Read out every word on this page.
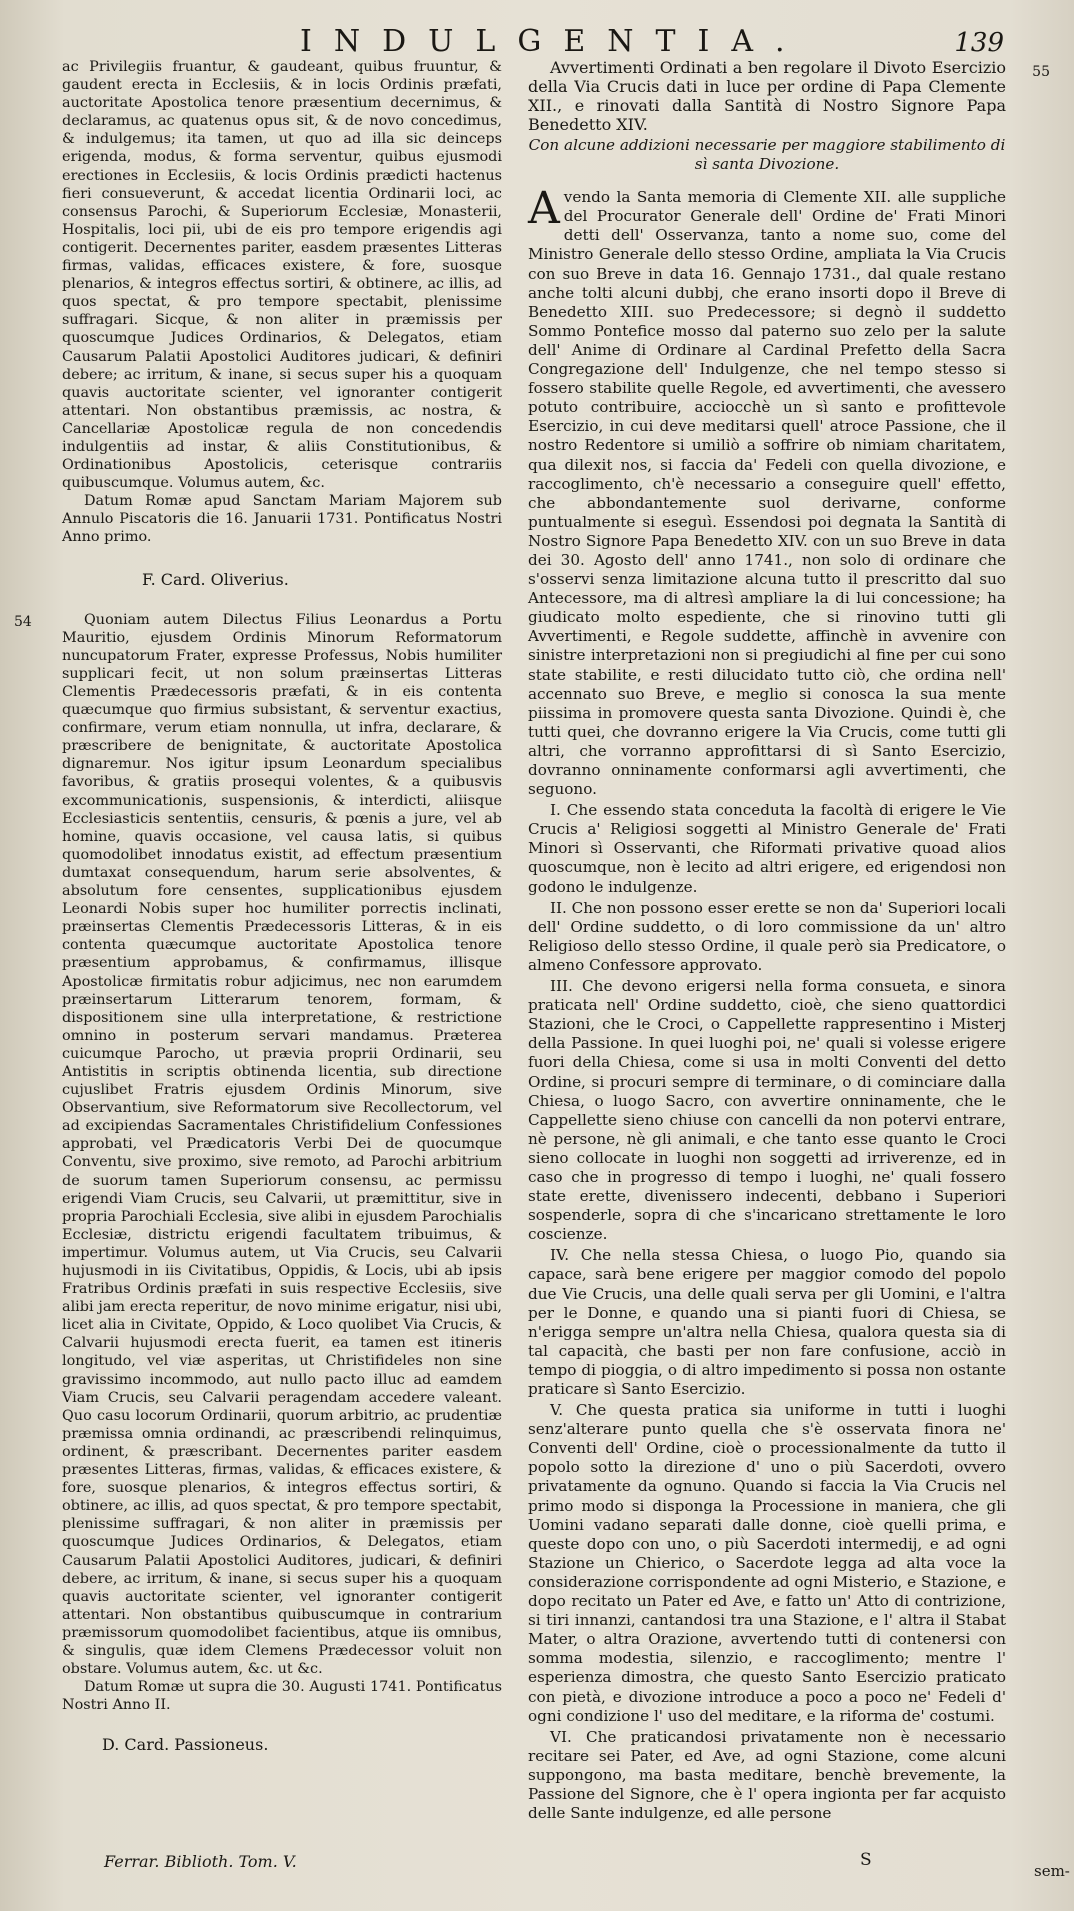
INDULGENTIA.	139
55
54

ac Privilegiis fruantur, & gaudeant, quibus fruuntur, & gaudent erecta in Ecclesiis, & in locis Ordinis præfati, auctoritate Apostolica tenore præsentium decernimus, & declaramus, ac quatenus opus sit, & de novo concedimus, & indulgemus; ita tamen, ut quo ad illa sic deinceps erigenda, modus, & forma serventur, quibus ejusmodi erectiones in Ecclesiis, & locis Ordinis prædicti hactenus fieri consueverunt, & accedat licentia Ordinarii loci, ac consensus Parochi, & Superiorum Ecclesiæ, Monasterii, Hospitalis, loci pii, ubi de eis pro tempore erigendis agi contigerit. Decernentes pariter, easdem præsentes Litteras firmas, validas, efficaces existere, & fore, suosque plenarios, & integros effectus sortiri, & obtinere, ac illis, ad quos spectat, & pro tempore spectabit, plenissime suffragari. Sicque, & non aliter in præmissis per quoscumque Judices Ordinarios, & Delegatos, etiam Causarum Palatii Apostolici Auditores judicari, & definiri debere; ac irritum, & inane, si secus super his a quoquam quavis auctoritate scienter, vel ignoranter contigerit attentari. Non obstantibus præmissis, ac nostra, & Cancellariæ Apostolicæ regula de non concedendis indulgentiis ad instar, & aliis Constitutionibus, & Ordinationibus Apostolicis, ceterisque contrariis quibuscumque. Volumus autem, &c.

Datum Romæ apud Sanctam Mariam Majorem sub Annulo Piscatoris die 16. Januarii 1731. Pontificatus Nostri Anno primo.

F. Card. Oliverius.

Quoniam autem Dilectus Filius Leonardus a Portu Mauritio, ejusdem Ordinis Minorum Reformatorum nuncupatorum Frater, expresse Professus, Nobis humiliter supplicari fecit, ut non solum præinsertas Litteras Clementis Prædecessoris præfati, & in eis contenta quæcumque quo firmius subsistant, & serventur exactius, confirmare, verum etiam nonnulla, ut infra, declarare, & præscribere de benignitate, & auctoritate Apostolica dignaremur. Nos igitur ipsum Leonardum specialibus favoribus, & gratiis prosequi volentes, & a quibusvis excommunicationis, suspensionis, & interdicti, aliisque Ecclesiasticis sententiis, censuris, & pœnis a jure, vel ab homine, quavis occasione, vel causa latis, si quibus quomodolibet innodatus existit, ad effectum præsentium dumtaxat consequendum, harum serie absolventes, & absolutum fore censentes, supplicationibus ejusdem Leonardi Nobis super hoc humiliter porrectis inclinati, præinsertas Clementis Prædecessoris Litteras, & in eis contenta quæcumque auctoritate Apostolica tenore præsentium approbamus, & confirmamus, illisque Apostolicæ firmitatis robur adjicimus, nec non earumdem præinsertarum Litterarum tenorem, formam, & dispositionem sine ulla interpretatione, & restrictione omnino in posterum servari mandamus. Præterea cuicumque Parocho, ut prævia proprii Ordinarii, seu Antistitis in scriptis obtinenda licentia, sub directione cujuslibet Fratris ejusdem Ordinis Minorum, sive Observantium, sive Reformatorum sive Recollectorum, vel ad excipiendas Sacramentales Christifidelium Confessiones approbati, vel Prædicatoris Verbi Dei de quocumque Conventu, sive proximo, sive remoto, ad Parochi arbitrium de suorum tamen Superiorum consensu, ac permissu erigendi Viam Crucis, seu Calvarii, ut præmittitur, sive in propria Parochiali Ecclesia, sive alibi in ejusdem Parochialis Ecclesiæ, districtu erigendi facultatem tribuimus, & impertimur. Volumus autem, ut Via Crucis, seu Calvarii hujusmodi in iis Civitatibus, Oppidis, & Locis, ubi ab ipsis Fratribus Ordinis præfati in suis respective Ecclesiis, sive alibi jam erecta reperitur, de novo minime erigatur, nisi ubi, licet alia in Civitate, Oppido, & Loco quolibet Via Crucis, & Calvarii hujusmodi erecta fuerit, ea tamen est itineris longitudo, vel viæ asperitas, ut Christifideles non sine gravissimo incommodo, aut nullo pacto illuc ad eamdem Viam Crucis, seu Calvarii peragendam accedere valeant. Quo casu locorum Ordinarii, quorum arbitrio, ac prudentiæ præmissa omnia ordinandi, ac præscribendi relinquimus, ordinent, & præscribant. Decernentes pariter easdem præsentes Litteras, firmas, validas, & efficaces existere, & fore, suosque plenarios, & integros effectus sortiri, & obtinere, ac illis, ad quos spectat, & pro tempore spectabit, plenissime suffragari, & non aliter in præmissis per quoscumque Judices Ordinarios, & Delegatos, etiam Causarum Palatii Apostolici Auditores, judicari, & definiri debere, ac irritum, & inane, si secus super his a quoquam quavis auctoritate scienter, vel ignoranter contigerit attentari. Non obstantibus quibuscumque in contrarium præmissorum quomodolibet facientibus, atque iis omnibus, & singulis, quæ idem Clemens Prædecessor voluit non obstare. Volumus autem, &c. ut &c.

Datum Romæ ut supra die 30. Augusti 1741. Pontificatus Nostri Anno II.

D. Card. Passioneus.

Avvertimenti Ordinati a ben regolare il Divoto Esercizio della Via Crucis dati in luce per ordine di Papa Clemente XII., e rinovati dalla Santità di Nostro Signore Papa Benedetto XIV.

Con alcune addizioni necessarie per maggiore stabilimento di sì santa Divozione.

Avendo la Santa memoria di Clemente XII. alle suppliche del Procurator Generale dell' Ordine de' Frati Minori detti dell' Osservanza, tanto a nome suo, come del Ministro Generale dello stesso Ordine, ampliata la Via Crucis con suo Breve in data 16. Gennajo 1731., dal quale restano anche tolti alcuni dubbj, che erano insorti dopo il Breve di Benedetto XIII. suo Predecessore; si degnò il suddetto Sommo Pontefice mosso dal paterno suo zelo per la salute dell' Anime di Ordinare al Cardinal Prefetto della Sacra Congregazione dell' Indulgenze, che nel tempo stesso si fossero stabilite quelle Regole, ed avvertimenti, che avessero potuto contribuire, acciocchè un sì santo e profittevole Esercizio, in cui deve meditarsi quell' atroce Passione, che il nostro Redentore si umiliò a soffrire ob nimiam charitatem, qua dilexit nos, si faccia da' Fedeli con quella divozione, e raccoglimento, ch'è necessario a conseguire quell' effetto, che abbondantemente suol derivarne, conforme puntualmente si eseguì. Essendosi poi degnata la Santità di Nostro Signore Papa Benedetto XIV. con un suo Breve in data dei 30. Agosto dell' anno 1741., non solo di ordinare che s'osservi senza limitazione alcuna tutto il prescritto dal suo Antecessore, ma di altresì ampliare la di lui concessione; ha giudicato molto espediente, che si rinovino tutti gli Avvertimenti, e Regole suddette, affinchè in avvenire con sinistre interpretazioni non si pregiudichi al fine per cui sono state stabilite, e resti dilucidato tutto ciò, che ordina nell' accennato suo Breve, e meglio si conosca la sua mente piissima in promovere questa santa Divozione. Quindi è, che tutti quei, che dovranno erigere la Via Crucis, come tutti gli altri, che vorranno approfittarsi di sì Santo Esercizio, dovranno onninamente conformarsi agli avvertimenti, che seguono.

I. Che essendo stata conceduta la facoltà di erigere le Vie Crucis a' Religiosi soggetti al Ministro Generale de' Frati Minori sì Osservanti, che Riformati privative quoad alios quoscumque, non è lecito ad altri erigere, ed erigendosi non godono le indulgenze.

II. Che non possono esser erette se non da' Superiori locali dell' Ordine suddetto, o di loro commissione da un' altro Religioso dello stesso Ordine, il quale però sia Predicatore, o almeno Confessore approvato.

III. Che devono erigersi nella forma consueta, e sinora praticata nell' Ordine suddetto, cioè, che sieno quattordici Stazioni, che le Croci, o Cappellette rappresentino i Misterj della Passione. In quei luoghi poi, ne' quali si volesse erigere fuori della Chiesa, come si usa in molti Conventi del detto Ordine, si procuri sempre di terminare, o di cominciare dalla Chiesa, o luogo Sacro, con avvertire onninamente, che le Cappellette sieno chiuse con cancelli da non potervi entrare, nè persone, nè gli animali, e che tanto esse quanto le Croci sieno collocate in luoghi non soggetti ad irriverenze, ed in caso che in progresso di tempo i luoghi, ne' quali fossero state erette, divenissero indecenti, debbano i Superiori sospenderle, sopra di che s'incaricano strettamente le loro coscienze.

IV. Che nella stessa Chiesa, o luogo Pio, quando sia capace, sarà bene erigere per maggior comodo del popolo due Vie Crucis, una delle quali serva per gli Uomini, e l'altra per le Donne, e quando una si pianti fuori di Chiesa, se n'erigga sempre un'altra nella Chiesa, qualora questa sia di tal capacità, che basti per non fare confusione, acciò in tempo di pioggia, o di altro impedimento si possa non ostante praticare sì Santo Esercizio.

V. Che questa pratica sia uniforme in tutti i luoghi senz'alterare punto quella che s'è osservata finora ne' Conventi dell' Ordine, cioè o processionalmente da tutto il popolo sotto la direzione d' uno o più Sacerdoti, ovvero privatamente da ognuno. Quando si faccia la Via Crucis nel primo modo si disponga la Processione in maniera, che gli Uomini vadano separati dalle donne, cioè quelli prima, e queste dopo con uno, o più Sacerdoti intermedij, e ad ogni Stazione un Chierico, o Sacerdote legga ad alta voce la considerazione corrispondente ad ogni Misterio, e Stazione, e dopo recitato un Pater ed Ave, e fatto un' Atto di contrizione, si tiri innanzi, cantandosi tra una Stazione, e l' altra il Stabat Mater, o altra Orazione, avvertendo tutti di contenersi con somma modestia, silenzio, e raccoglimento; mentre l' esperienza dimostra, che questo Santo Esercizio praticato con pietà, e divozione introduce a poco a poco ne' Fedeli d' ogni condizione l' uso del meditare, e la riforma de' costumi.

VI. Che praticandosi privatamente non è necessario recitare sei Pater, ed Ave, ad ogni Stazione, come alcuni suppongono, ma basta meditare, benchè brevemente, la Passione del Signore, che è l' opera ingionta per far acquisto delle Sante indulgenze, ed alle persone

Ferrar. Biblioth. Tom. V.	S
sem-
